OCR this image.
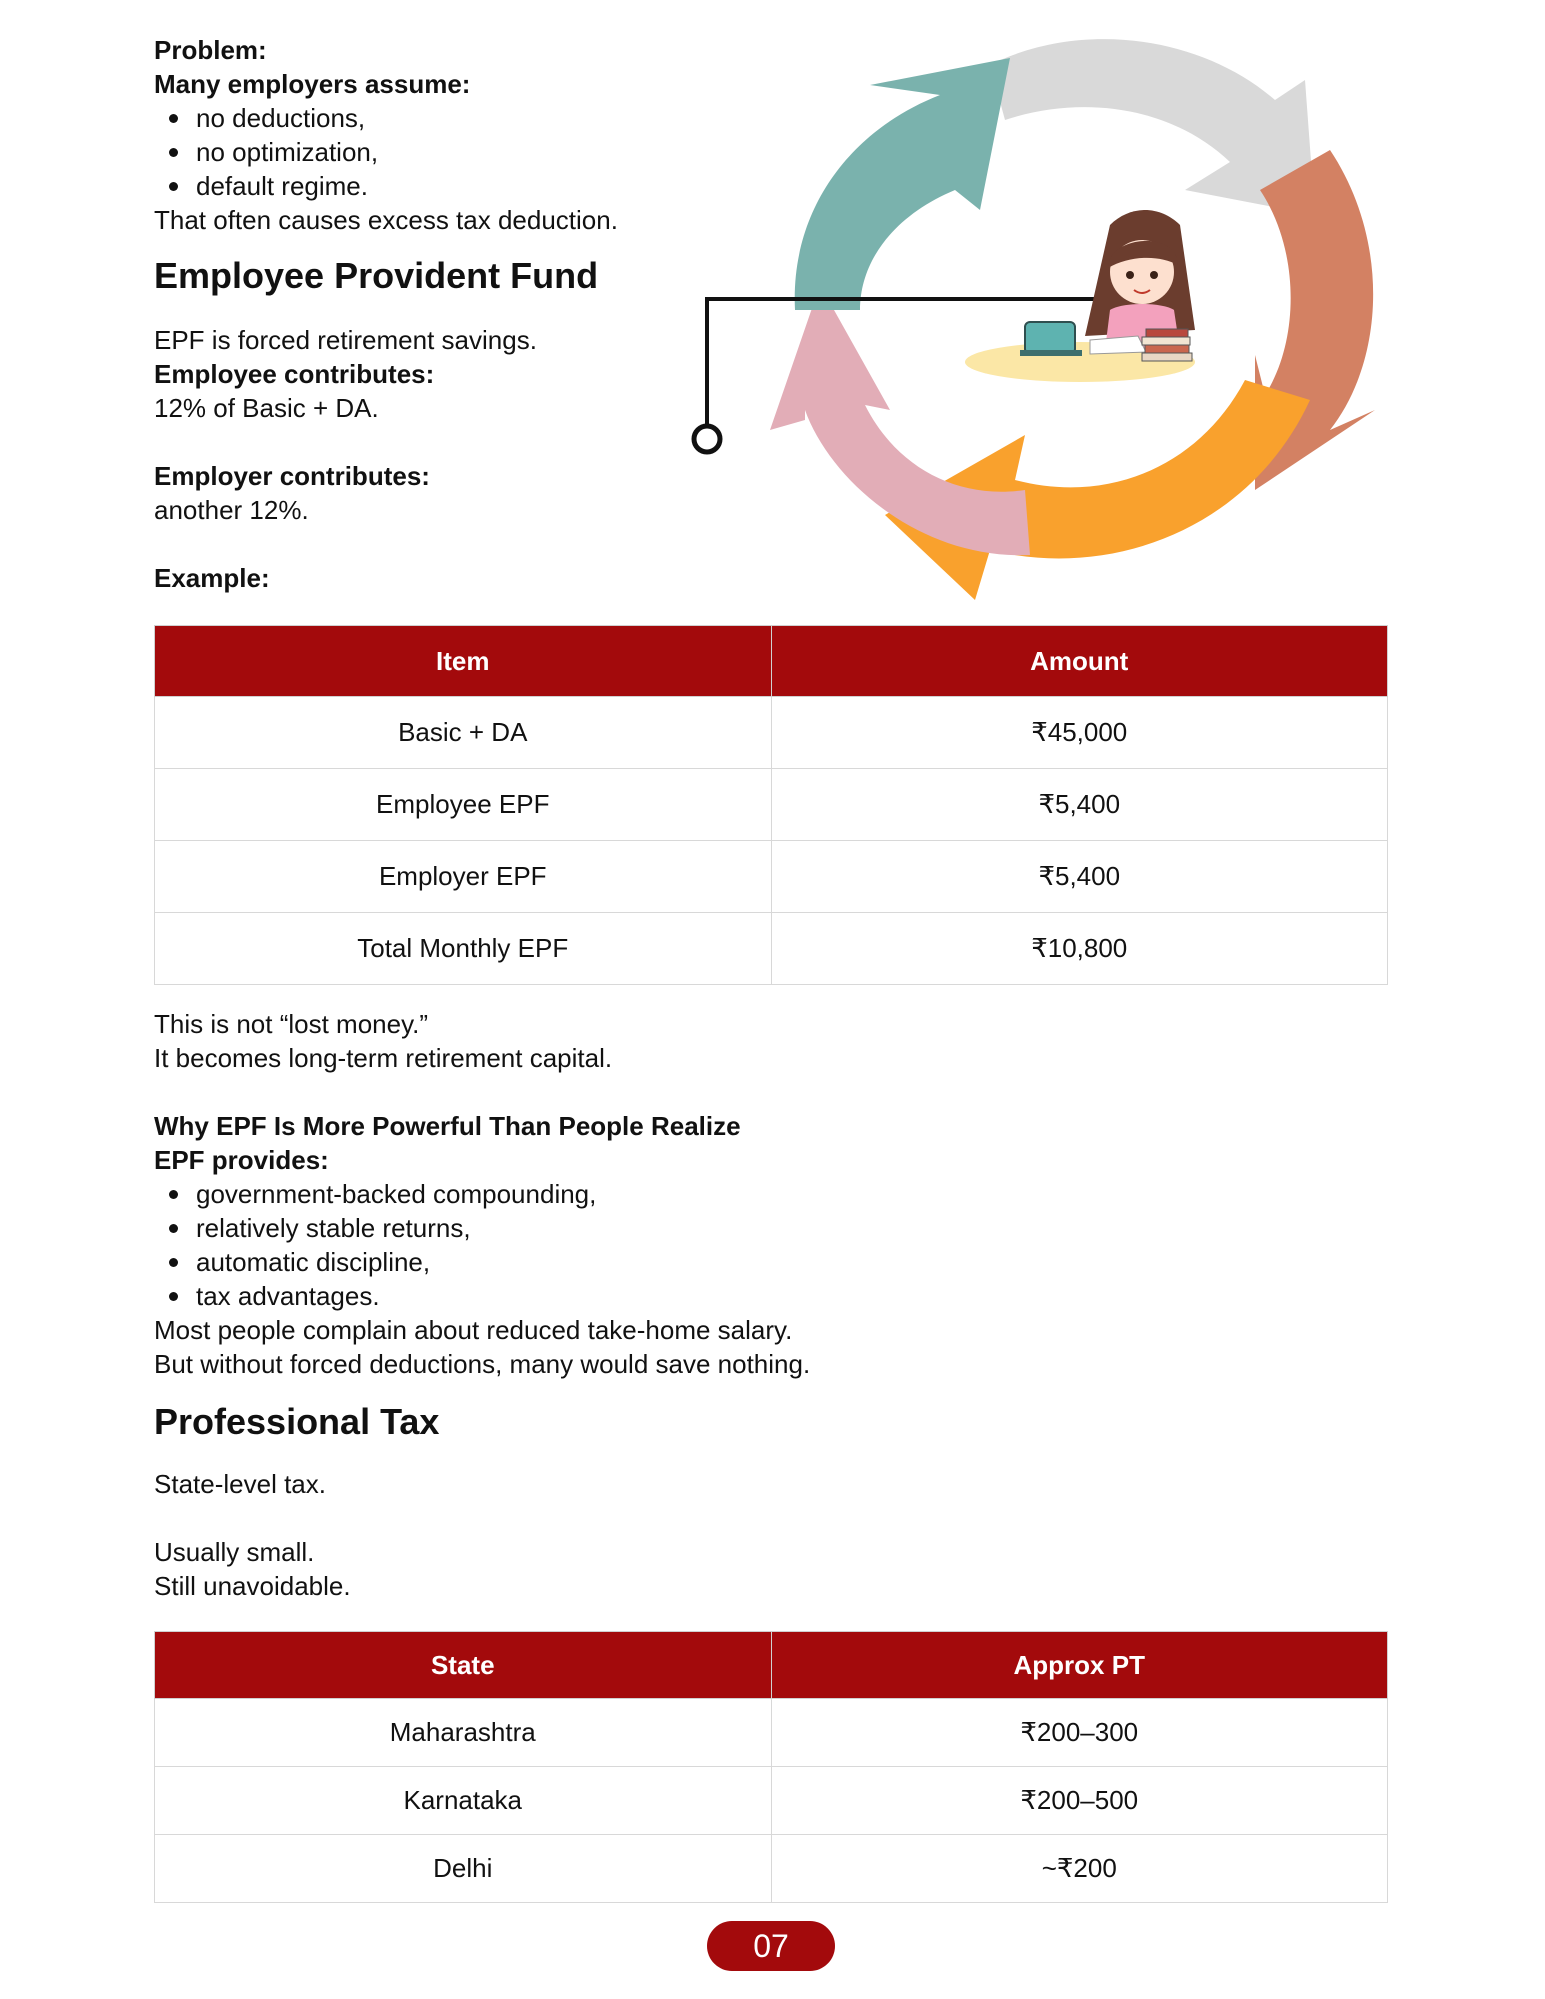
Problem:

Many employers assume:

no deductions,
no optimization,
default regime.

That often causes excess tax deduction.

Employee Provident Fund

EPF is forced retirement savings.

Employee contributes:

12% of Basic + DA.

Employer contributes:

another 12%.

Example:

Item	Amount
Basic + DA	₹45,000
Employee EPF	₹5,400
Employer EPF	₹5,400
Total Monthly EPF	₹10,800

This is not “lost money.”

It becomes long-term retirement capital.

Why EPF Is More Powerful Than People Realize

EPF provides:

government-backed compounding,
relatively stable returns,
automatic discipline,
tax advantages.

Most people complain about reduced take-home salary.

But without forced deductions, many would save nothing.

Professional Tax

State-level tax.

Usually small.

Still unavoidable.

State	Approx PT
Maharashtra	₹200–300
Karnataka	₹200–500
Delhi	~₹200
07
